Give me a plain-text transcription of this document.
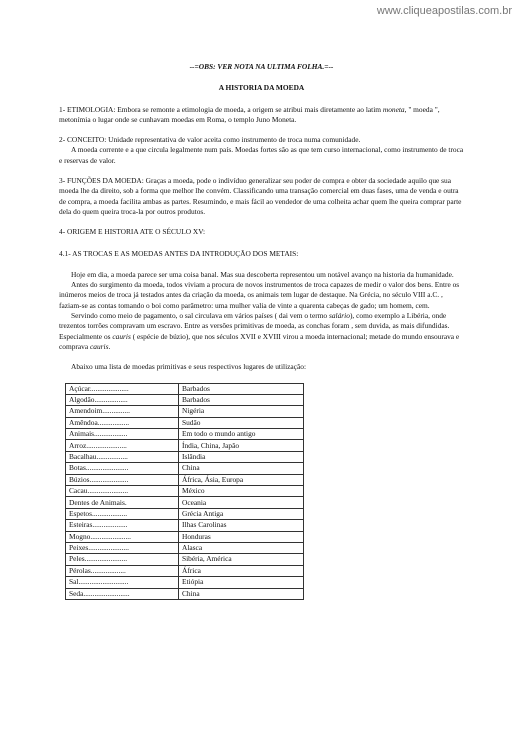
www.cliqueapostilas.com.br

--=OBS: VER NOTA NA ULTIMA FOLHA.=--

A HISTORIA DA MOEDA

1- ETIMOLOGIA: Embora se remonte a etimologia de moeda, a origem se atribui mais diretamente ao latim moneta, " moeda ", metonímia o lugar onde se cunhavam moedas em Roma, o templo Juno Moneta.

2- CONCEITO: Unidade representativa de valor aceita como instrumento de troca numa comunidade.

A moeda corrente e a que circula legalmente num país. Moedas fortes são as que tem curso internacional, como instrumento de troca e reservas de valor.

3- FUNÇÕES DA MOEDA: Graças a moeda, pode o indivíduo generalizar seu poder de compra e obter da sociedade aquilo que sua moeda lhe da direito, sob a forma que melhor lhe convém. Classificando uma transação comercial em duas fases, uma de venda e outra de compra, a moeda facilita ambas as partes. Resumindo, e mais fácil ao vendedor de uma colheita achar quem lhe queira comprar parte dela do quem queira troca-la por outros produtos.

4- ORIGEM E HISTORIA ATE O SÉCULO XV:

4.1- AS TROCAS E AS MOEDAS ANTES DA INTRODUÇÃO DOS METAIS:

Hoje em dia, a moeda parece ser uma coisa banal. Mas sua descoberta representou um notável avanço na historia da humanidade.

Antes do surgimento da moeda, todos viviam a procura de novos instrumentos de troca capazes de medir o valor dos bens. Entre os inúmeros meios de troca já testados antes da criação da moeda, os animais tem lugar de destaque. Na Grécia, no século VIII a.C. , faziam-se as contas tomando o boi como parâmetro: uma mulher valia de vinte a quarenta cabeças de gado; um homem, cem.

Servindo como meio de pagamento, o sal circulava em vários países ( dai vem o termo salário), como exemplo a Libéria, onde trezentos torrões compravam um escravo. Entre as versões primitivas de moeda, as conchas foram , sem duvida, as mais difundidas. Especialmente os cauris ( espécie de búzio), que nos séculos XVII e XVIII virou a moeda internacional; metade do mundo ensourava e comprava cauris.

Abaixo uma lista de moedas primitivas e seus respectivos lugares de utilização:

Açúcar.....................	Barbados
Algodão..................	Barbados
Amendoim...............	Nigéria
Amêndoa.................	Sudão
Animais..................	Em todo o mundo antigo
Arroz......................	Índia, China, Japão
Bacalhau.................	Islândia
Botas.......................	China
Búzios.....................	África, Ásia, Europa
Cacau......................	México
Dentes de Animais.	Oceania
Espetos...................	Grécia Antiga
Esteiras...................	Ilhas Carolinas
Mogno......................	Honduras
Peixes......................	Alasca
Peles.......................	Sibéria, América
Pérolas...................	África
Sal...........................	Etiópia
Seda.........................	China
